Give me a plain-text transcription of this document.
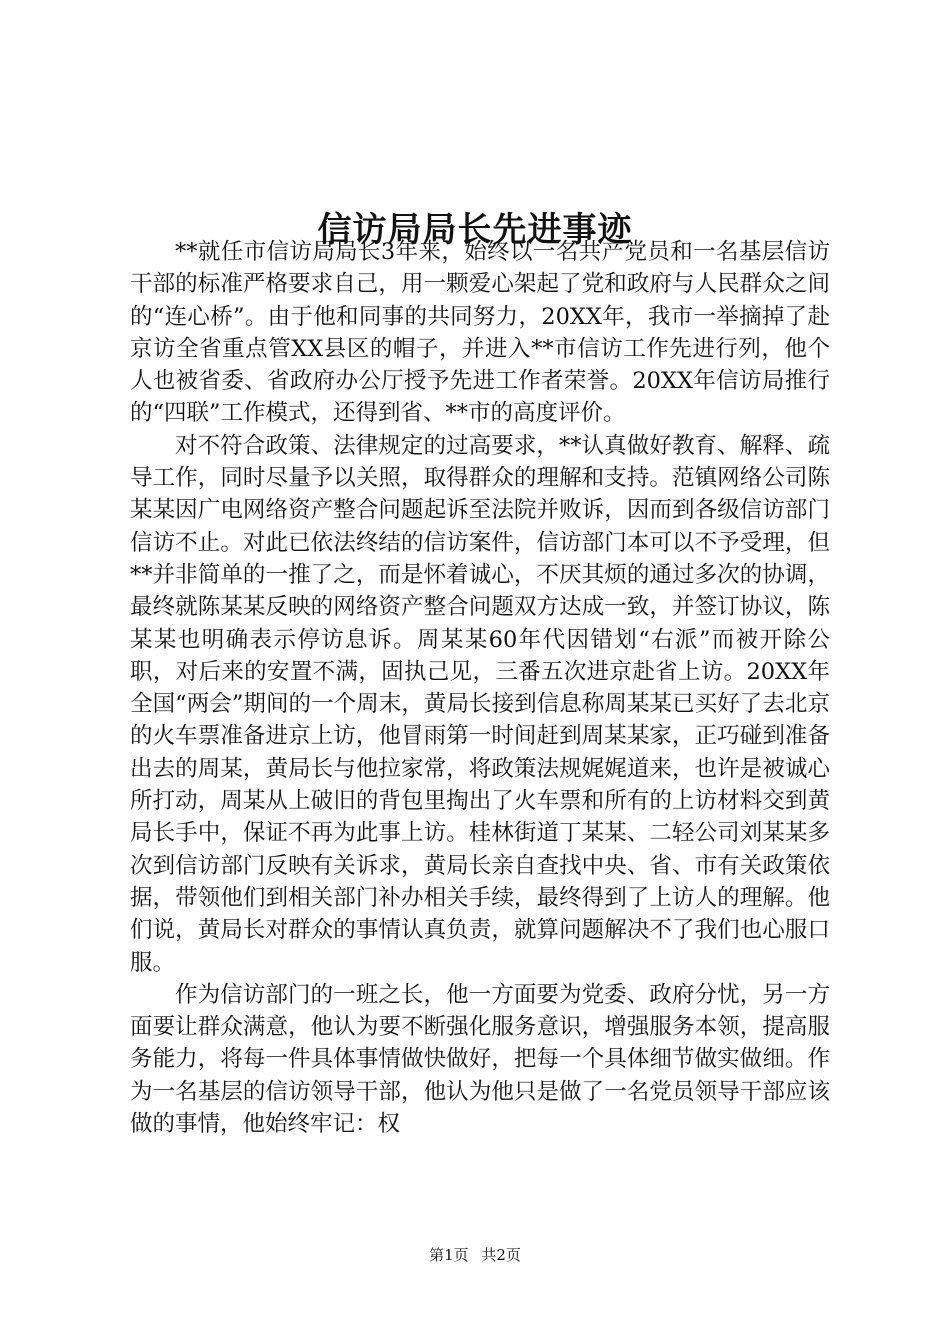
信访局局长先进事迹

**就任市信访局局长3年来，始终以一名共产党员和一名基层信访干部的标准严格要求自己，用一颗爱心架起了党和政府与人民群众之间的“连心桥”。由于他和同事的共同努力，20XX年，我市一举摘掉了赴京访全省重点管XX县区的帽子，并进入**市信访工作先进行列，他个人也被省委、省政府办公厅授予先进工作者荣誉。20XX年信访局推行的“四联”工作模式，还得到省、**市的高度评价。

对不符合政策、法律规定的过高要求，**认真做好教育、解释、疏导工作，同时尽量予以关照，取得群众的理解和支持。范镇网络公司陈某某因广电网络资产整合问题起诉至法院并败诉，因而到各级信访部门信访不止。对此已依法终结的信访案件，信访部门本可以不予受理，但**并非简单的一推了之，而是怀着诚心，不厌其烦的通过多次的协调，最终就陈某某反映的网络资产整合问题双方达成一致，并签订协议，陈某某也明确表示停访息诉。周某某60年代因错划“右派”而被开除公职，对后来的安置不满，固执己见，三番五次进京赴省上访。20XX年全国“两会”期间的一个周末，黄局长接到信息称周某某已买好了去北京的火车票准备进京上访，他冒雨第一时间赶到周某某家，正巧碰到准备出去的周某，黄局长与他拉家常，将政策法规娓娓道来，也许是被诚心所打动，周某从上破旧的背包里掏出了火车票和所有的上访材料交到黄局长手中，保证不再为此事上访。桂林街道丁某某、二轻公司刘某某多次到信访部门反映有关诉求，黄局长亲自查找中央、省、市有关政策依据，带领他们到相关部门补办相关手续，最终得到了上访人的理解。他们说，黄局长对群众的事情认真负责，就算问题解决不了我们也心服口服。

作为信访部门的一班之长，他一方面要为党委、政府分忧，另一方面要让群众满意，他认为要不断强化服务意识，增强服务本领，提高服务能力，将每一件具体事情做快做好，把每一个具体细节做实做细。作为一名基层的信访领导干部，他认为他只是做了一名党员领导干部应该做的事情，他始终牢记：权

第1页 共2页
